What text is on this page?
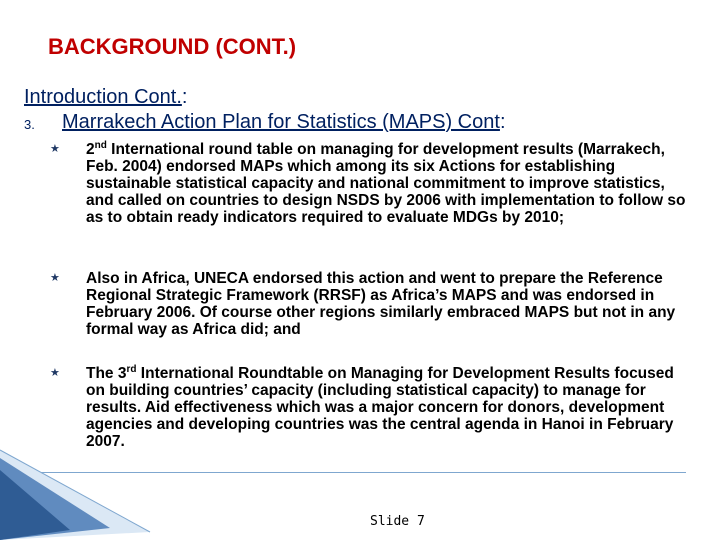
BACKGROUND (CONT.)
Introduction Cont.:
3. Marrakech Action Plan for Statistics (MAPS) Cont:
★ 2nd International round table on managing for development results (Marrakech, Feb. 2004) endorsed MAPs which among its six Actions for establishing sustainable statistical capacity and national commitment to improve statistics, and called on countries to design NSDS by 2006 with implementation to follow so as to obtain ready indicators required to evaluate MDGs by 2010;
★ Also in Africa, UNECA endorsed this action and went to prepare the Reference Regional Strategic Framework (RRSF) as Africa’s MAPS and was endorsed in February 2006. Of course other regions similarly embraced MAPS but not in any formal way as Africa did; and
★ The 3rd International Roundtable on Managing for Development Results focused on building countries’ capacity (including statistical capacity) to manage for results. Aid effectiveness which was a major concern for donors, development agencies and developing countries was the central agenda in Hanoi in February 2007.
Slide 7
